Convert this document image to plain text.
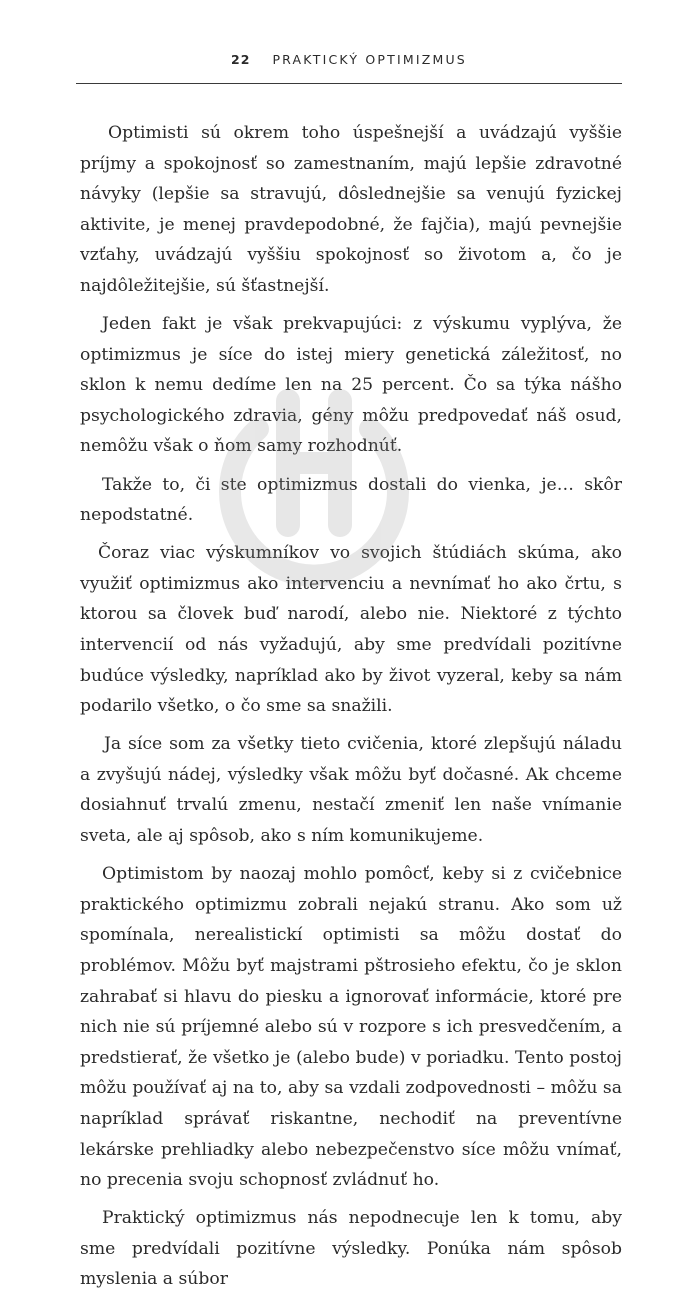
22 PRAKTICKÝ OPTIMIZMUS

Optimisti sú okrem toho úspešnejší a uvádzajú vyššie príjmy a spokojnosť so zamestnaním, majú lepšie zdravotné návyky (lepšie sa stravujú, dôslednejšie sa venujú fyzickej aktivite, je menej pravdepodobné, že fajčia), majú pevnejšie vzťahy, uvádzajú vyššiu spokojnosť so životom a, čo je najdôležitejšie, sú šťastnejší.

Jeden fakt je však prekvapujúci: z výskumu vyplýva, že optimizmus je síce do istej miery genetická záležitosť, no sklon k nemu dedíme len na 25 percent. Čo sa týka nášho psychologického zdravia, gény môžu predpovedať náš osud, nemôžu však o ňom samy rozhodnúť.

Takže to, či ste optimizmus dostali do vienka, je… skôr nepodstatné.

Čoraz viac výskumníkov vo svojich štúdiách skúma, ako využiť optimizmus ako intervenciu a nevnímať ho ako črtu, s ktorou sa človek buď narodí, alebo nie. Niektoré z týchto intervencií od nás vyžadujú, aby sme predvídali pozitívne budúce výsledky, napríklad ako by život vyzeral, keby sa nám podarilo všetko, o čo sme sa snažili.

Ja síce som za všetky tieto cvičenia, ktoré zlepšujú náladu a zvyšujú nádej, výsledky však môžu byť dočasné. Ak chceme dosiahnuť trvalú zmenu, nestačí zmeniť len naše vnímanie sveta, ale aj spôsob, ako s ním komunikujeme.

Optimistom by naozaj mohlo pomôcť, keby si z cvičebnice praktického optimizmu zobrali nejakú stranu. Ako som už spomínala, nerealistickí optimisti sa môžu dostať do problémov. Môžu byť majstrami pštrosieho efektu, čo je sklon zahrabať si hlavu do piesku a ignorovať informácie, ktoré pre nich nie sú príjemné alebo sú v rozpore s ich presvedčením, a predstierať, že všetko je (alebo bude) v poriadku. Tento postoj môžu používať aj na to, aby sa vzdali zodpovednosti – môžu sa napríklad správať riskantne, nechodiť na preventívne lekárske prehliadky alebo nebezpečenstvo síce môžu vnímať, no precenia svoju schopnosť zvládnuť ho.

Praktický optimizmus nás nepodnecuje len k tomu, aby sme predvídali pozitívne výsledky. Ponúka nám spôsob myslenia a súbor
